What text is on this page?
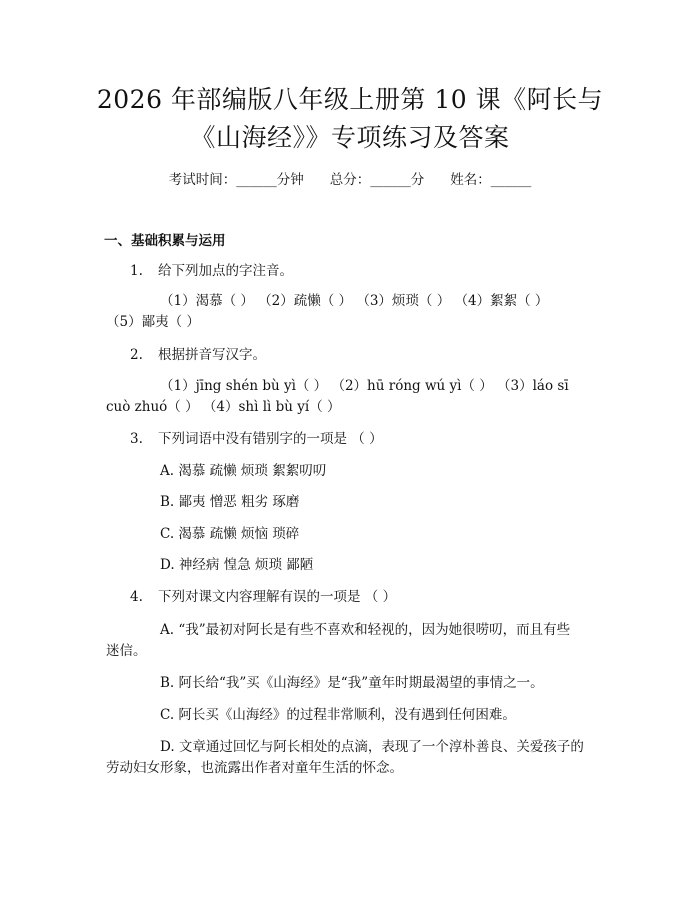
2026 年部编版八年级上册第 10 课《阿长与
《山海经》》专项练习及答案
考试时间：______分钟 总分：______分 姓名：______
一、基础积累与运用
1. 给下列加点的字注音。
（1）渴慕（ ） （2）疏懒（ ） （3）烦琐（ ） （4）絮絮（ ）
（5）鄙夷（ ）
2. 根据拼音写汉字。
（1）jīng shén bù yì（ ） （2）hū róng wú yì（ ） （3）láo sī
cuò zhuó（ ） （4）shì lì bù yí（ ）
3. 下列词语中没有错别字的一项是 （ ）
A. 渴慕 疏懒 烦琐 絮絮叨叨
B. 鄙夷 憎恶 粗劣 琢磨
C. 渴慕 疏懒 烦恼 琐碎
D. 神经病 惶急 烦琐 鄙陋
4. 下列对课文内容理解有误的一项是 （ ）
A. “我”最初对阿长是有些不喜欢和轻视的，因为她很唠叨，而且有些
迷信。
B. 阿长给“我”买《山海经》是“我”童年时期最渴望的事情之一。
C. 阿长买《山海经》的过程非常顺利，没有遇到任何困难。
D. 文章通过回忆与阿长相处的点滴，表现了一个淳朴善良、关爱孩子的
劳动妇女形象，也流露出作者对童年生活的怀念。
